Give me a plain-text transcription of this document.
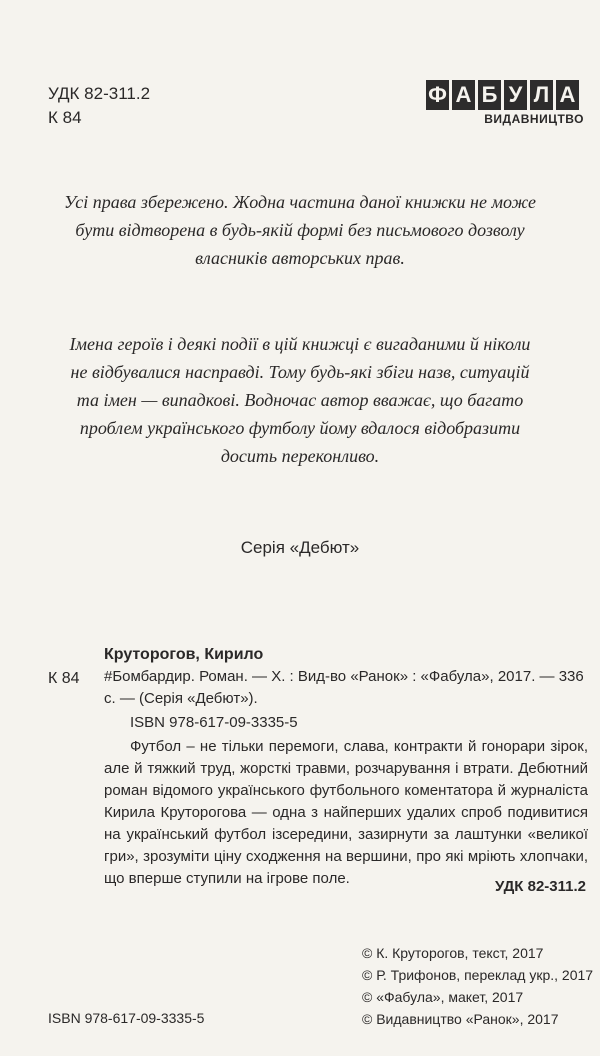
УДК 82-311.2
К 84
Ф А Б У Л А
ВИДАВНИЦТВО
Усі права збережено. Жодна частина даної книжки не може бути відтворена в будь-якій формі без письмового дозволу власників авторських прав.
Імена героїв і деякі події в цій книжці є вигаданими й ніколи не відбувалися насправді. Тому будь-які збіги назв, ситуацій та імен — випадкові. Водночас автор вважає, що багато проблем українського футболу йому вдалося відобразити досить переконливо.
Серія «Дебют»
Круторогов, Кирило
К 84 #Бомбардир. Роман. — Х. : Вид-во «Ранок» : «Фабула», 2017. — 336 с. — (Серія «Дебют»).
ISBN 978-617-09-3335-5
Футбол – не тільки перемоги, слава, контракти й гонорари зірок, але й тяжкий труд, жорсткі травми, розчарування і втрати. Дебютний роман відомого українського футбольного коментатора й журналіста Кирила Круторогова — одна з найперших удалих спроб подивитися на український футбол ізсередини, зазирнути за лаштунки «великої гри», зрозуміти ціну сходження на вершини, про які мріють хлопчаки, що вперше ступили на ігрове поле.	УДК 82-311.2
© К. Круторогов, текст, 2017
© Р. Трифонов, переклад укр., 2017
© «Фабула», макет, 2017
© Видавництво «Ранок», 2017
ISBN 978-617-09-3335-5
